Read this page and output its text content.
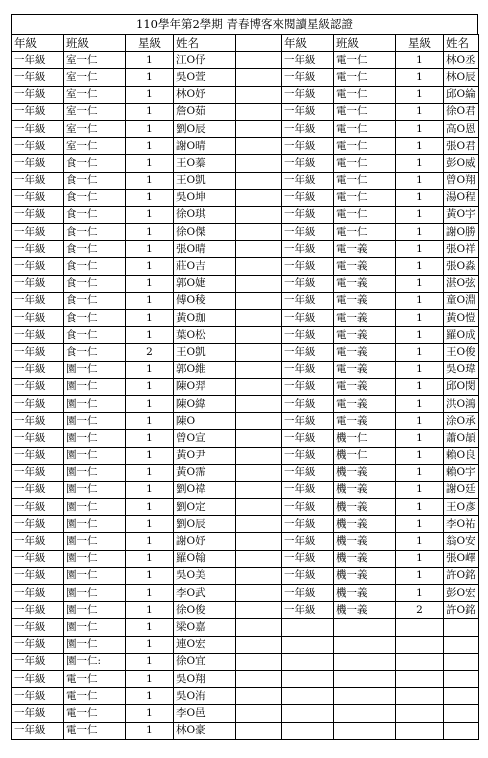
110學年第2學期 青春博客來閱讀星級認證
年級	班級	星級	姓名		年級	班級	星級	姓名
一年級	室一仁	1	江O伃		一年級	電一仁	1	林O丞
一年級	室一仁	1	吳O萱		一年級	電一仁	1	林O辰
一年級	室一仁	1	林O妤		一年級	電一仁	1	邱O綸
一年級	室一仁	1	詹O茹		一年級	電一仁	1	徐O君
一年級	室一仁	1	劉O辰		一年級	電一仁	1	高O恩
一年級	室一仁	1	謝O晴		一年級	電一仁	1	張O君
一年級	食一仁	1	王O蓁		一年級	電一仁	1	彭O威
一年級	食一仁	1	王O凱		一年級	電一仁	1	曾O翔
一年級	食一仁	1	吳O坤		一年級	電一仁	1	湯O程
一年級	食一仁	1	徐O琪		一年級	電一仁	1	黃O宇
一年級	食一仁	1	徐O傑		一年級	電一仁	1	謝O勝
一年級	食一仁	1	張O晴		一年級	電一義	1	張O祥
一年級	食一仁	1	莊O吉		一年級	電一義	1	張O淼
一年級	食一仁	1	郭O婕		一年級	電一義	1	湛O弦
一年級	食一仁	1	傅O稜		一年級	電一義	1	童O淵
一年級	食一仁	1	黃O珈		一年級	電一義	1	黃O愷
一年級	食一仁	1	葉O松		一年級	電一義	1	羅O成
一年級	食一仁	2	王O凱		一年級	電一義	1	王O俊
一年級	園一仁	1	郭O維		一年級	電一義	1	吳O瑋
一年級	園一仁	1	陳O羿		一年級	電一義	1	邱O閔
一年級	園一仁	1	陳O緯		一年級	電一義	1	洪O鴻
一年級	園一仁	1	陳O		一年級	電一義	1	涂O承
一年級	園一仁	1	曾O宣		一年級	機一仁	1	蕭O頡
一年級	園一仁	1	黃O尹		一年級	機一仁	1	賴O良
一年級	園一仁	1	黃O霈		一年級	機一義	1	賴O宇
一年級	園一仁	1	劉O禕		一年級	機一義	1	謝O廷
一年級	園一仁	1	劉O定		一年級	機一義	1	王O彥
一年級	園一仁	1	劉O辰		一年級	機一義	1	李O祐
一年級	園一仁	1	謝O妤		一年級	機一義	1	翁O安
一年級	園一仁	1	羅O翰		一年級	機一義	1	張O嶧
一年級	園一仁	1	吳O美		一年級	機一義	1	許O銘
一年級	園一仁	1	李O武		一年級	機一義	1	彭O宏
一年級	園一仁	1	徐O俊		一年級	機一義	2	許O銘
一年級	園一仁	1	梁O嘉					
一年級	園一仁	1	連O宏					
一年級	園一仁:	1	徐O宜					
一年級	電一仁	1	吳O翔					
一年級	電一仁	1	吳O洧					
一年級	電一仁	1	李O邑					
一年級	電一仁	1	林O豪					
